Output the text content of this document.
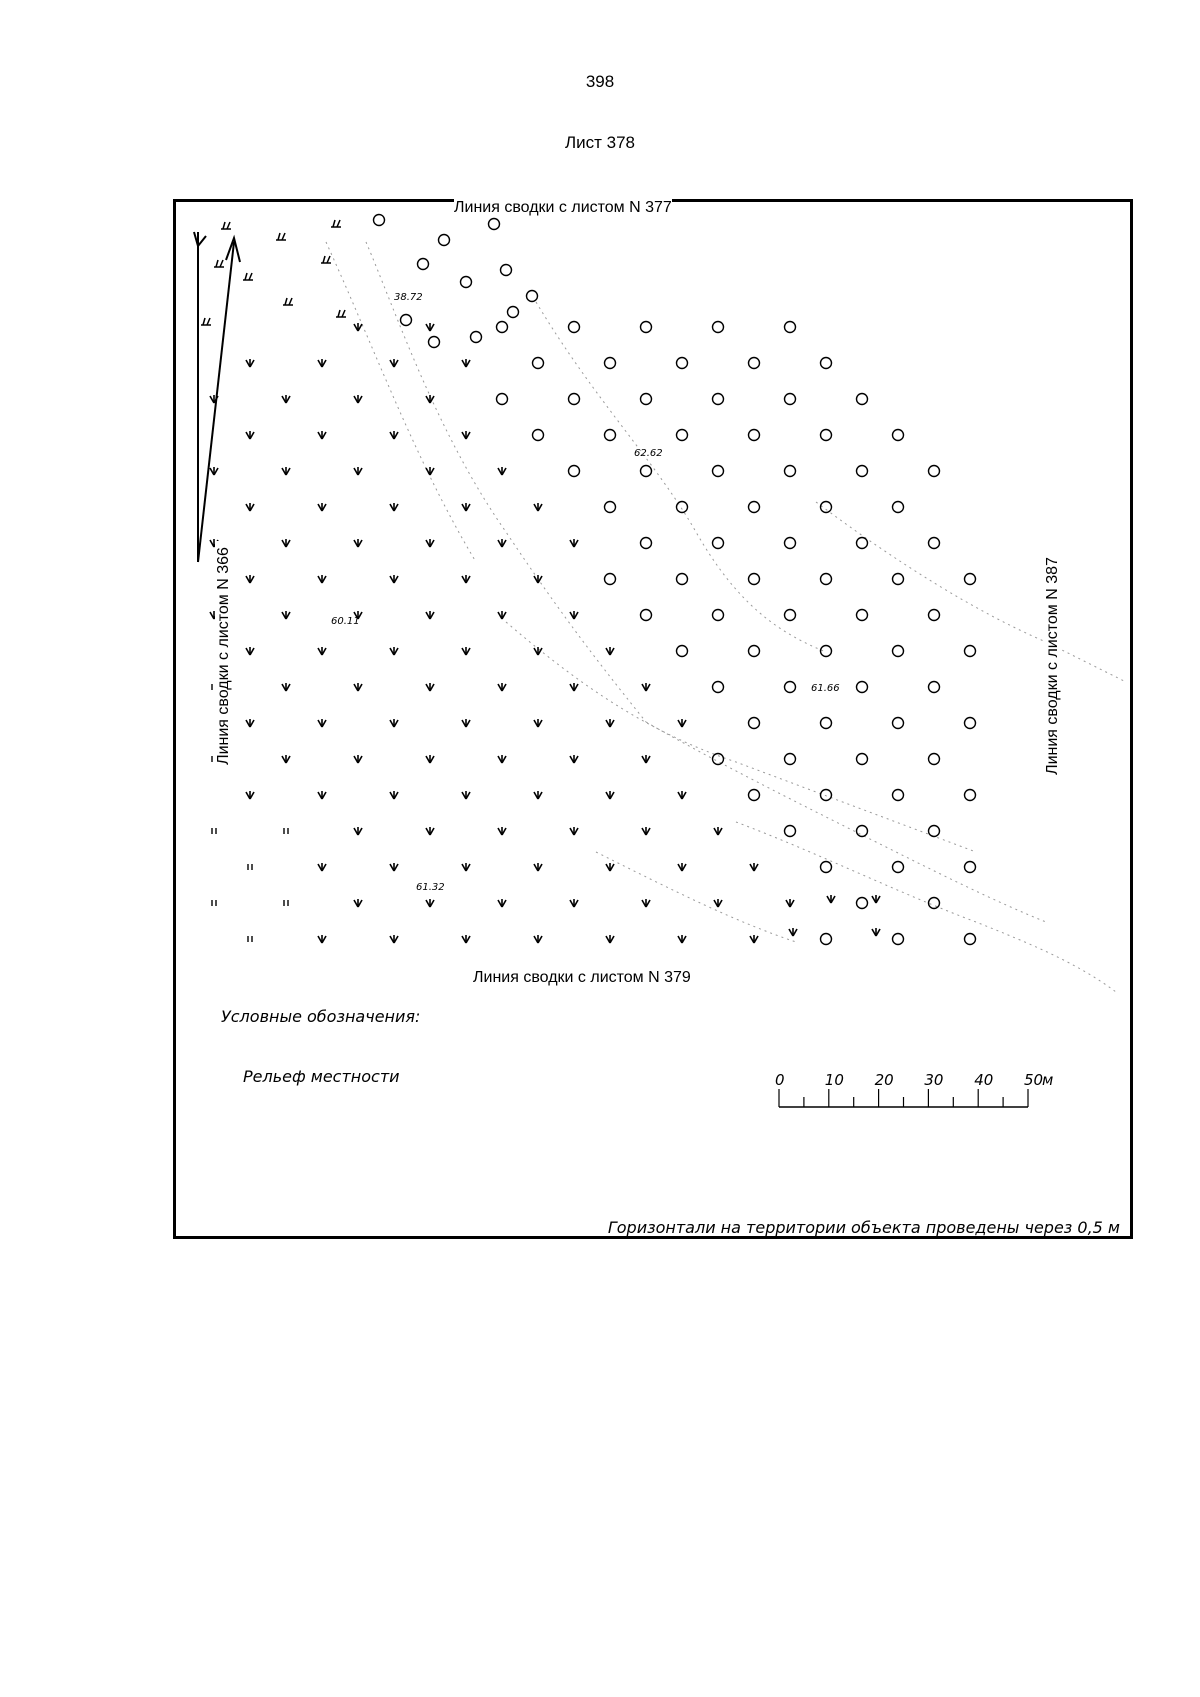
398
Лист 378
38.72
62.62
60.11
61.66
61.32
0	10 20 30 40 50
м
Линия сводки с листом N 377
Линия сводки с листом N 379
Линия сводки с листом N 366	Линия сводки с листом N 387
Условные обозначения:
Рельеф местности
Горизонтали на территории объекта проведены через 0,5 м
